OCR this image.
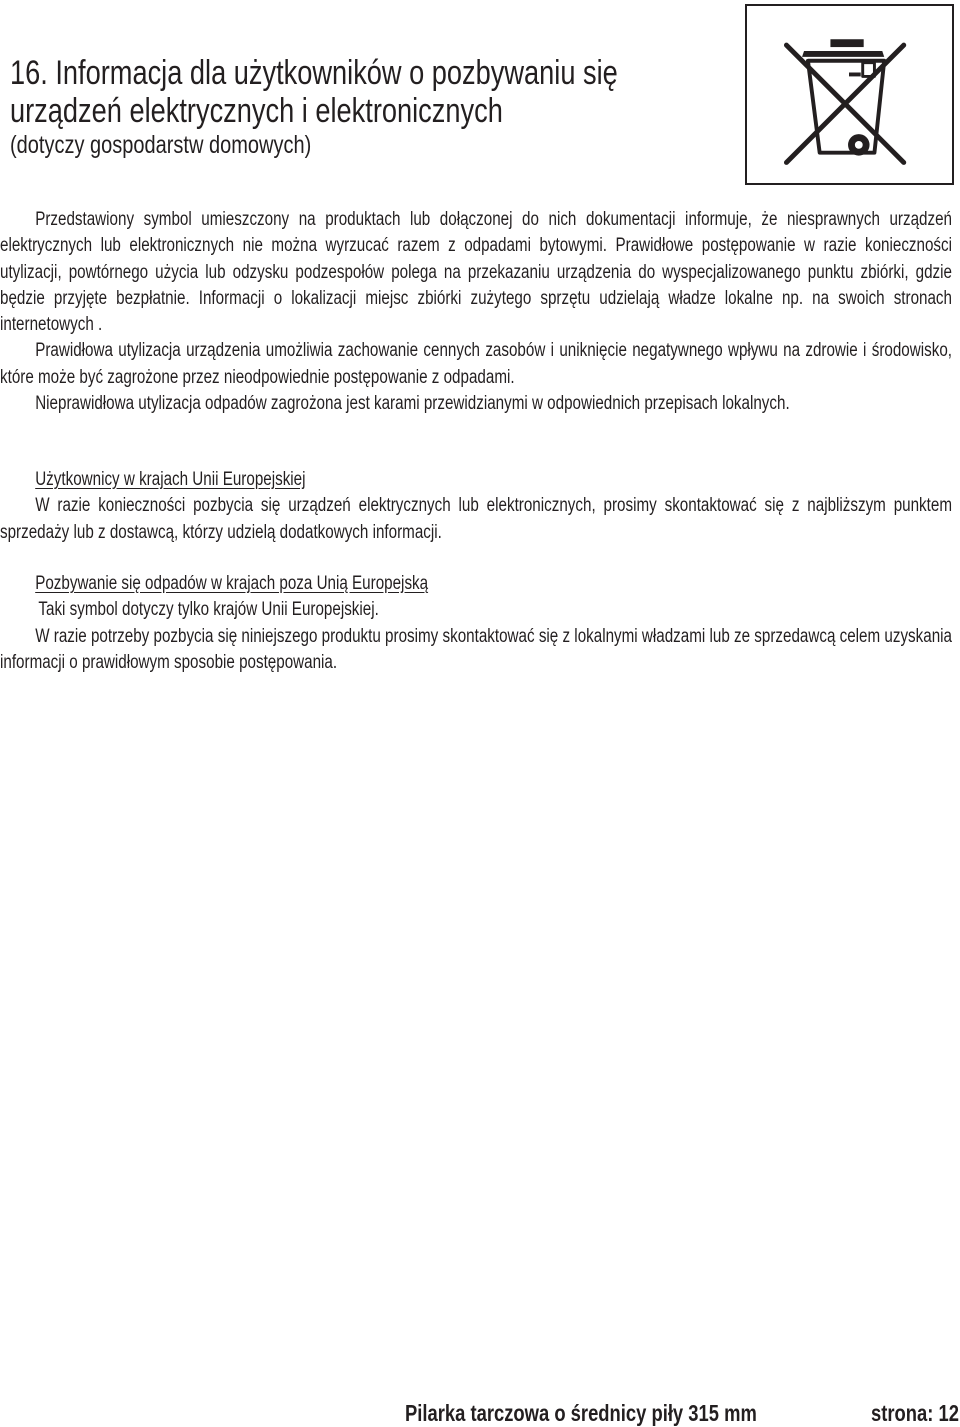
16. Informacja dla użytkowników o pozbywaniu się
urządzeń elektrycznych i elektronicznych
(dotyczy gospodarstw domowych)

Przedstawiony symbol umieszczony na produktach lub dołączonej do nich dokumentacji informuje, że niesprawnych urządzeń elektrycznych lub elektronicznych nie można wyrzucać razem z odpadami bytowymi. Prawidłowe postępowanie w razie konieczności utylizacji, powtórnego użycia lub odzysku podzespołów polega na przekazaniu urządzenia do wyspecjalizowanego punktu zbiórki, gdzie będzie przyjęte bezpłatnie. Informacji o lokalizacji miejsc zbiórki zużytego sprzętu udzielają władze lokalne np. na swoich stronach internetowych .

Prawidłowa utylizacja urządzenia umożliwia zachowanie cennych zasobów i uniknięcie negatywnego wpływu na zdrowie i środowisko, które może być zagrożone przez nieodpowiednie postępowanie z odpadami.

Nieprawidłowa utylizacja odpadów zagrożona jest karami przewidzianymi w odpowiednich przepisach lokalnych.

Użytkownicy w krajach Unii Europejskiej

W razie konieczności pozbycia się urządzeń elektrycznych lub elektronicznych, prosimy skontaktować się z najbliższym punktem sprzedaży lub z dostawcą, którzy udzielą dodatkowych informacji.

Pozbywanie się odpadów w krajach poza Unią Europejską

Taki symbol dotyczy tylko krajów Unii Europejskiej.

W razie potrzeby pozbycia się niniejszego produktu prosimy skontaktować się z lokalnymi władzami lub ze sprzedawcą celem uzyskania informacji o prawidłowym sposobie postępowania.

Pilarka tarczowa o średnicy piły 315 mm	strona: 12
